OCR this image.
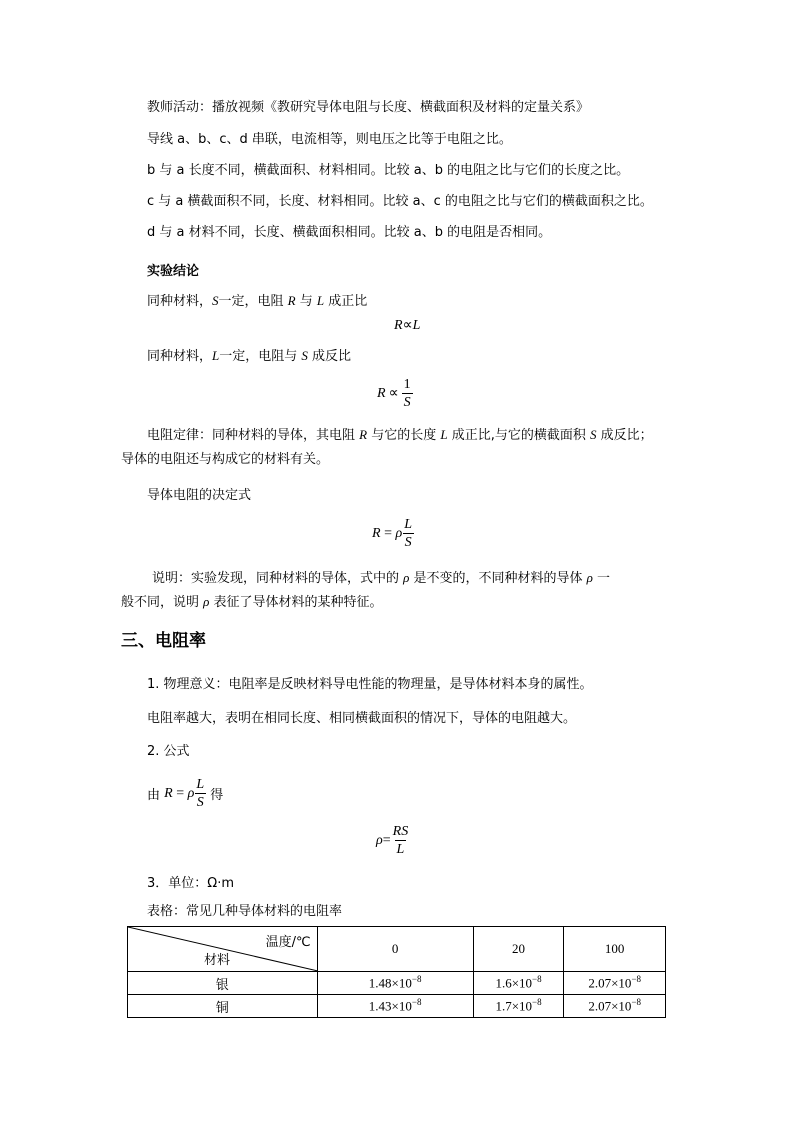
教师活动：播放视频《教研究导体电阻与长度、横截面积及材料的定量关系》
导线 a、b、c、d 串联，电流相等，则电压之比等于电阻之比。
b 与 a 长度不同，横截面积、材料相同。比较 a、b 的电阻之比与它们的长度之比。
c 与 a 横截面积不同，长度、材料相同。比较 a、c 的电阻之比与它们的横截面积之比。
d 与 a 材料不同，长度、横截面积相同。比较 a、b 的电阻是否相同。
实验结论
同种材料，S一定，电阻 R 与 L 成正比
R ∝ L
同种材料，L一定，电阻与 S 成反比
$R \propto \frac{1}{S}$
电阻定律：同种材料的导体，其电阻 R 与它的长度 L 成正比,与它的横截面积 S 成反比；
导体的电阻还与构成它的材料有关。
导体电阻的决定式
R = ρ $\frac{L}{S}$
说明：实验发现，同种材料的导体，式中的 ρ 是不变的，不同种材料的导体 ρ 一
般不同，说明 ρ 表征了导体材料的某种特征。
三、电阻率
1. 物理意义：电阻率是反映材料导电性能的物理量，是导体材料本身的属性。
电阻率越大，表明在相同长度、相同横截面积的情况下，导体的电阻越大。
2. 公式
由 R = ρ $\frac{L}{S}$ 得
$\rho = \frac{RS}{L}$
3．单位：Ω·m
表格：常见几种导体材料的电阻率
温度/℃
材料	0	20	100
银	$1.48\times 10^{-8}$	$1.6\times 10^{-8}$	$2.07\times 10^{-8}$
铜	$1.43\times 10^{-8}$	$1.7\times 10^{-8}$	$2.07\times 10^{-8}$
